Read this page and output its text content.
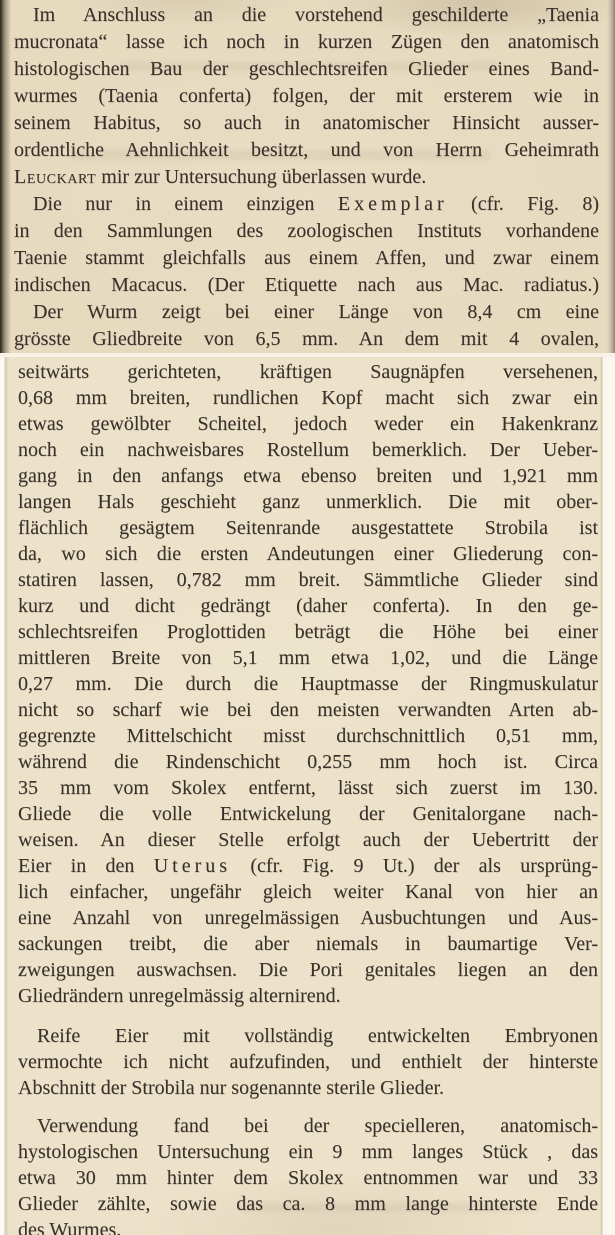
Im Anschluss an die vorstehend geschilderte „Taenia
mucronata“ lasse ich noch in kurzen Zügen den anatomisch
histologischen Bau der geschlechtsreifen Glieder eines Band-
wurmes (Taenia conferta) folgen, der mit ersterem wie in
seinem Habitus, so auch in anatomischer Hinsicht ausser-
ordentliche Aehnlichkeit besitzt, und von Herrn Geheimrath
Leuckart mir zur Untersuchung überlassen wurde.
Die nur in einem einzigen Exemplar (cfr. Fig. 8)
in den Sammlungen des zoologischen Instituts vorhandene
Taenie stammt gleichfalls aus einem Affen, und zwar einem
indischen Macacus. (Der Etiquette nach aus Mac. radiatus.)
Der Wurm zeigt bei einer Länge von 8,4 cm eine
grösste Gliedbreite von 6,5 mm. An dem mit 4 ovalen,
seitwärts gerichteten, kräftigen Saugnäpfen versehenen,
0,68 mm breiten, rundlichen Kopf macht sich zwar ein
etwas gewölbter Scheitel, jedoch weder ein Hakenkranz
noch ein nachweisbares Rostellum bemerklich. Der Ueber-
gang in den anfangs etwa ebenso breiten und 1,921 mm
langen Hals geschieht ganz unmerklich. Die mit ober-
flächlich gesägtem Seitenrande ausgestattete Strobila ist
da, wo sich die ersten Andeutungen einer Gliederung con-
statiren lassen, 0,782 mm breit. Sämmtliche Glieder sind
kurz und dicht gedrängt (daher conferta). In den ge-
schlechtsreifen Proglottiden beträgt die Höhe bei einer
mittleren Breite von 5,1 mm etwa 1,02, und die Länge
0,27 mm. Die durch die Hauptmasse der Ringmuskulatur
nicht so scharf wie bei den meisten verwandten Arten ab-
gegrenzte Mittelschicht misst durchschnittlich 0,51 mm,
während die Rindenschicht 0,255 mm hoch ist. Circa
35 mm vom Skolex entfernt, lässt sich zuerst im 130.
Gliede die volle Entwickelung der Genitalorgane nach-
weisen. An dieser Stelle erfolgt auch der Uebertritt der
Eier in den Uterus (cfr. Fig. 9 Ut.) der als ursprüng-
lich einfacher, ungefähr gleich weiter Kanal von hier an
eine Anzahl von unregelmässigen Ausbuchtungen und Aus-
sackungen treibt, die aber niemals in baumartige Ver-
zweigungen auswachsen. Die Pori genitales liegen an den
Gliedrändern unregelmässig alternirend.
Reife Eier mit vollständig entwickelten Embryonen
vermochte ich nicht aufzufinden, und enthielt der hinterste
Abschnitt der Strobila nur sogenannte sterile Glieder.
Verwendung fand bei der specielleren, anatomisch-
hystologischen Untersuchung ein 9 mm langes Stück , das
etwa 30 mm hinter dem Skolex entnommen war und 33
Glieder zählte, sowie das ca. 8 mm lange hinterste Ende
des Wurmes.
